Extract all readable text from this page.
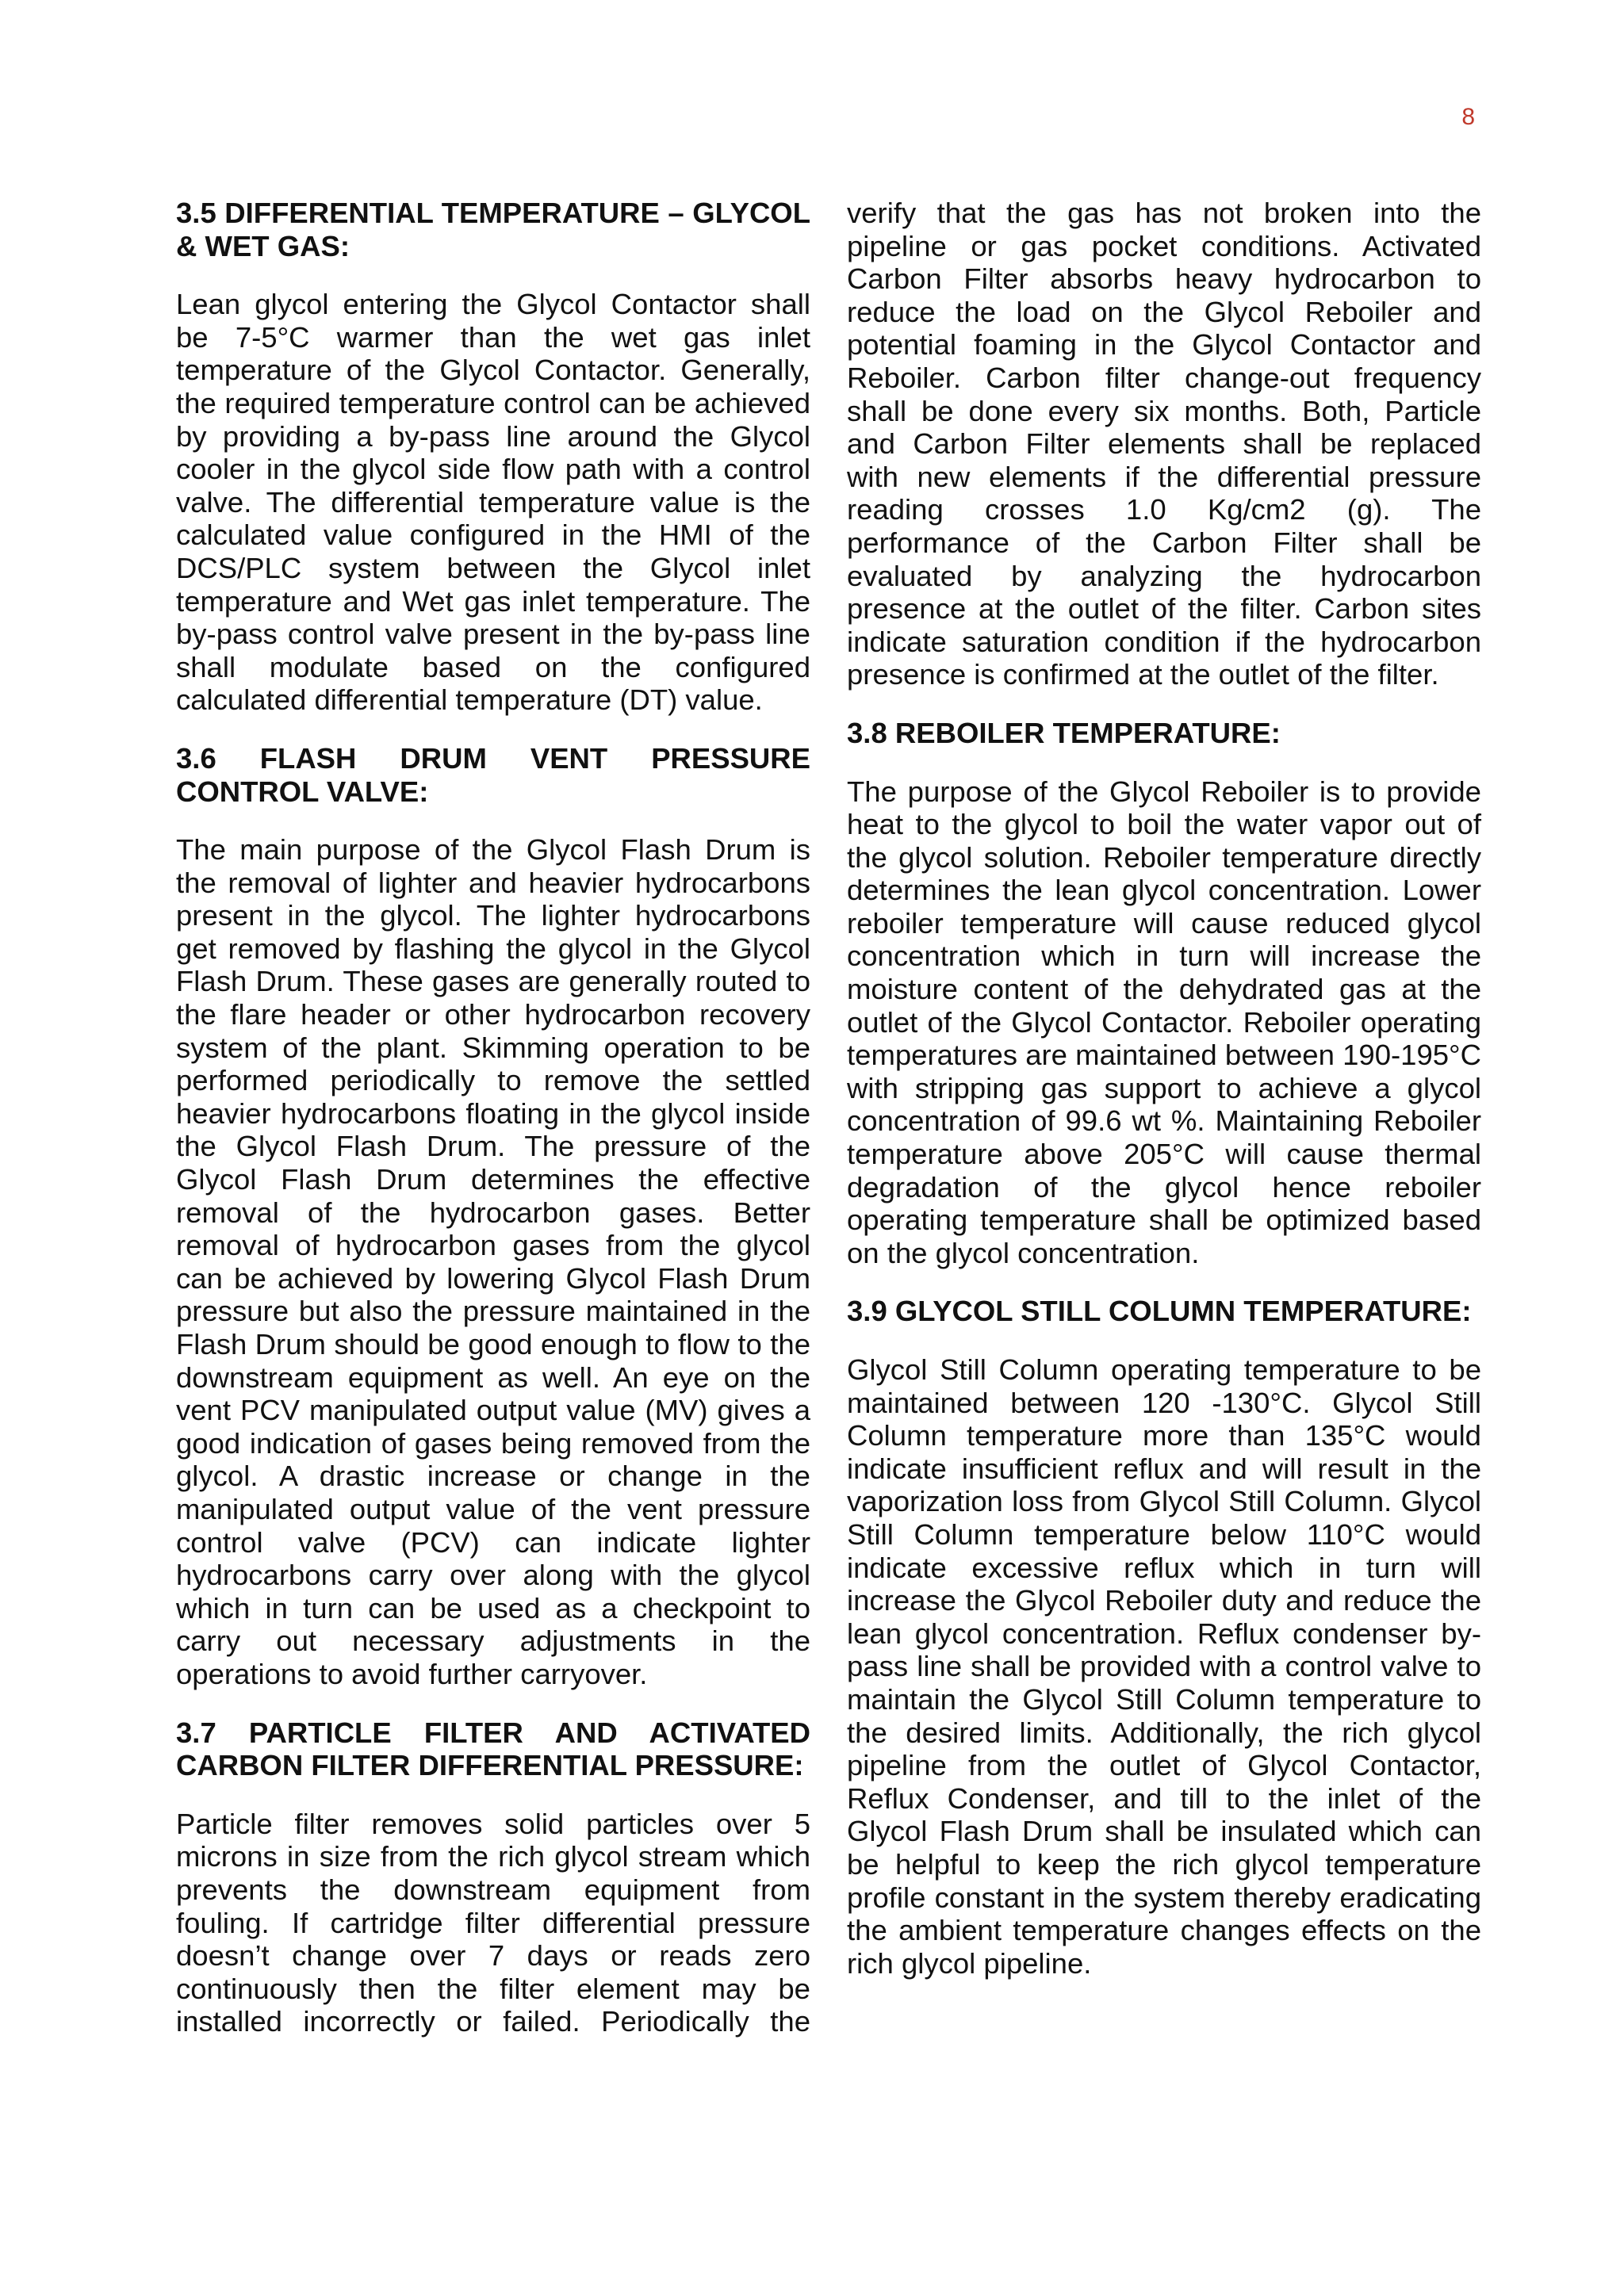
8
3.5 DIFFERENTIAL TEMPERATURE – GLYCOL & WET GAS:

Lean glycol entering the Glycol Contactor shall be 7-5°C warmer than the wet gas inlet temperature of the Glycol Contactor. Generally, the required temperature control can be achieved by providing a by-pass line around the Glycol cooler in the glycol side flow path with a control valve. The differential temperature value is the calculated value configured in the HMI of the DCS/PLC system between the Glycol inlet temperature and Wet gas inlet temperature. The by-pass control valve present in the by-pass line shall modulate based on the configured calculated differential temperature (DT) value.

3.6 FLASH DRUM VENT PRESSURE CONTROL VALVE:

The main purpose of the Glycol Flash Drum is the removal of lighter and heavier hydrocarbons present in the glycol. The lighter hydrocarbons get removed by flashing the glycol in the Glycol Flash Drum. These gases are generally routed to the flare header or other hydrocarbon recovery system of the plant. Skimming operation to be performed periodically to remove the settled heavier hydrocarbons floating in the glycol inside the Glycol Flash Drum. The pressure of the Glycol Flash Drum determines the effective removal of the hydrocarbon gases. Better removal of hydrocarbon gases from the glycol can be achieved by lowering Glycol Flash Drum pressure but also the pressure maintained in the Flash Drum should be good enough to flow to the downstream equipment as well. An eye on the vent PCV manipulated output value (MV) gives a good indication of gases being removed from the glycol. A drastic increase or change in the manipulated output value of the vent pressure control valve (PCV) can indicate lighter hydrocarbons carry over along with the glycol which in turn can be used as a checkpoint to carry out necessary adjustments in the operations to avoid further carryover.

3.7 PARTICLE FILTER AND ACTIVATED CARBON FILTER DIFFERENTIAL PRESSURE:

Particle filter removes solid particles over 5 microns in size from the rich glycol stream which prevents the downstream equipment from fouling. If cartridge filter differential pressure doesn’t change over 7 days or reads zero continuously then the filter element may be installed incorrectly or failed. Periodically the

verify that the gas has not broken into the pipeline or gas pocket conditions. Activated Carbon Filter absorbs heavy hydrocarbon to reduce the load on the Glycol Reboiler and potential foaming in the Glycol Contactor and Reboiler. Carbon filter change-out frequency shall be done every six months. Both, Particle and Carbon Filter elements shall be replaced with new elements if the differential pressure reading crosses 1.0 Kg/cm2 (g). The performance of the Carbon Filter shall be evaluated by analyzing the hydrocarbon presence at the outlet of the filter. Carbon sites indicate saturation condition if the hydrocarbon presence is confirmed at the outlet of the filter.

3.8 REBOILER TEMPERATURE:

The purpose of the Glycol Reboiler is to provide heat to the glycol to boil the water vapor out of the glycol solution. Reboiler temperature directly determines the lean glycol concentration. Lower reboiler temperature will cause reduced glycol concentration which in turn will increase the moisture content of the dehydrated gas at the outlet of the Glycol Contactor. Reboiler operating temperatures are maintained between 190-195°C with stripping gas support to achieve a glycol concentration of 99.6 wt %. Maintaining Reboiler temperature above 205°C will cause thermal degradation of the glycol hence reboiler operating temperature shall be optimized based on the glycol concentration.

3.9 GLYCOL STILL COLUMN TEMPERATURE:

Glycol Still Column operating temperature to be maintained between 120 -130°C. Glycol Still Column temperature more than 135°C would indicate insufficient reflux and will result in the vaporization loss from Glycol Still Column. Glycol Still Column temperature below 110°C would indicate excessive reflux which in turn will increase the Glycol Reboiler duty and reduce the lean glycol concentration. Reflux condenser by-pass line shall be provided with a control valve to maintain the Glycol Still Column temperature to the desired limits. Additionally, the rich glycol pipeline from the outlet of Glycol Contactor, Reflux Condenser, and till to the inlet of the Glycol Flash Drum shall be insulated which can be helpful to keep the rich glycol temperature profile constant in the system thereby eradicating the ambient temperature changes effects on the rich glycol pipeline.
